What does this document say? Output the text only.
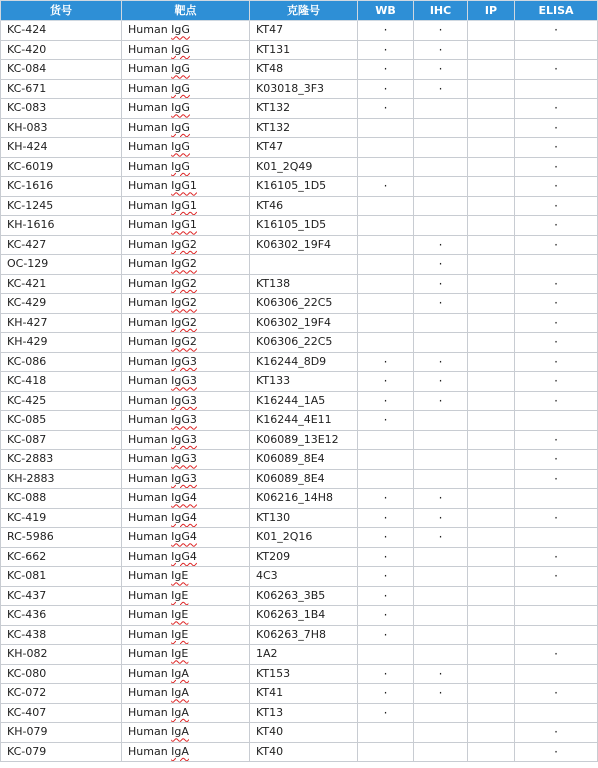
货号	靶点	克隆号	WB	IHC	IP	ELISA
KC-424	Human IgG	KT47	·	·		·
KC-420	Human IgG	KT131	·	·		
KC-084	Human IgG	KT48	·	·		·
KC-671	Human IgG	K03018_3F3	·	·		
KC-083	Human IgG	KT132	·			·
KH-083	Human IgG	KT132				·
KH-424	Human IgG	KT47				·
KC-6019	Human IgG	K01_2Q49				·
KC-1616	Human IgG1	K16105_1D5	·			·
KC-1245	Human IgG1	KT46				·
KH-1616	Human IgG1	K16105_1D5				·
KC-427	Human IgG2	K06302_19F4		·		·
OC-129	Human IgG2			·		
KC-421	Human IgG2	KT138		·		·
KC-429	Human IgG2	K06306_22C5		·		·
KH-427	Human IgG2	K06302_19F4				·
KH-429	Human IgG2	K06306_22C5				·
KC-086	Human IgG3	K16244_8D9	·	·		·
KC-418	Human IgG3	KT133	·	·		·
KC-425	Human IgG3	K16244_1A5	·	·		·
KC-085	Human IgG3	K16244_4E11	·			
KC-087	Human IgG3	K06089_13E12				·
KC-2883	Human IgG3	K06089_8E4				·
KH-2883	Human IgG3	K06089_8E4				·
KC-088	Human IgG4	K06216_14H8	·	·		
KC-419	Human IgG4	KT130	·	·		·
RC-5986	Human IgG4	K01_2Q16	·	·		
KC-662	Human IgG4	KT209	·			·
KC-081	Human IgE	4C3	·			·
KC-437	Human IgE	K06263_3B5	·			
KC-436	Human IgE	K06263_1B4	·			
KC-438	Human IgE	K06263_7H8	·			
KH-082	Human IgE	1A2				·
KC-080	Human IgA	KT153	·	·		
KC-072	Human IgA	KT41	·	·		·
KC-407	Human IgA	KT13	·			
KH-079	Human IgA	KT40				·
KC-079	Human IgA	KT40				·
